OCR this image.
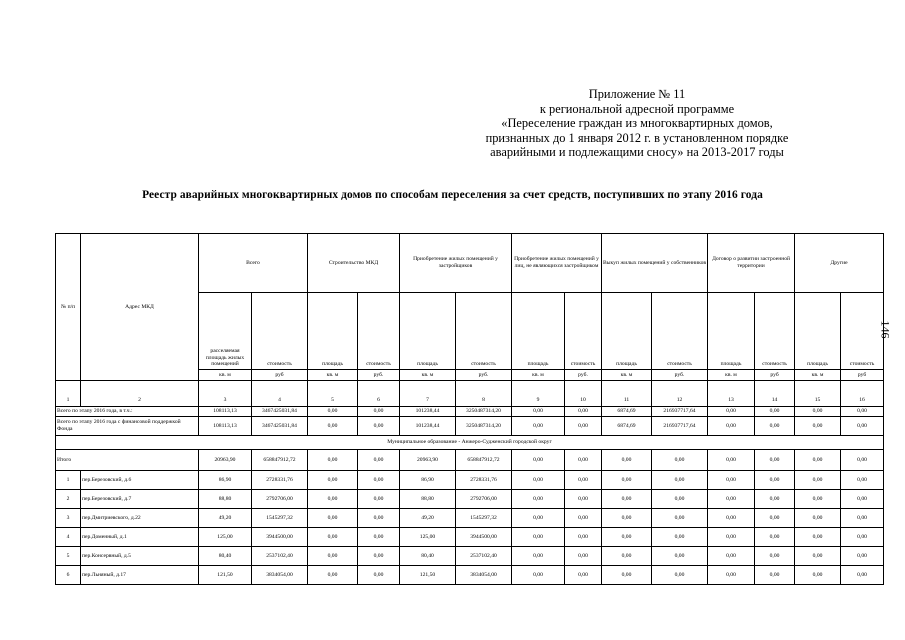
Приложение № 11
к региональной адресной программе
«Переселение граждан из многоквартирных домов,
признанных до 1 января 2012 г. в установленном порядке
аварийными и подлежащими сносу» на 2013-2017 годы
Реестр аварийных многоквартирных домов по способам переселения за счет средств, поступивших по этапу 2016 года
146
№ п/п	Адрес МКД	Всего		Строительство МКД		Приобретение жилых помещений у застройщиков		Приобретение жилых помещений у лиц, не являющихся застройщиком		Выкуп жилых помещений у собственников		Договор о развитии застроенной территории		Другие	
		расселяемая площадь жилых помещений	стоимость	площадь	стоимость	площадь	стоимость	площадь	стоимость	площадь	стоимость	площадь	стоимость	площадь	стоимость
		кв. м	руб	кв. м	руб.	кв. м	руб.	кв. м	руб.	кв. м	руб.	кв. м	руб	кв. м	руб
1	2	3	4	5	6	7	8	9	10	11	12	13	14	15	16
Всего по этапу 2016 года, в т.ч.:		108113,13	3467425031,84	0,00	0,00	101238,44	3250487314,20	0,00	0,00	6874,69	216937717,64	0,00	0,00	0,00	0,00
Всего по этапу 2016 года с финансовой поддержкой Фонда		108113,13	3467425031,84	0,00	0,00	101238,44	3250487314,20	0,00	0,00	6874,69	216937717,64	0,00	0,00	0,00	0,00
Муниципальное образование - Анжеро-Судженский городской округ															
Итого		20963,90	658847912,72	0,00	0,00	20963,90	658847912,72	0,00	0,00	0,00	0,00	0,00	0,00	0,00	0,00
1	пер.Березовский, д.6	86,90	2728331,76	0,00	0,00	86,90	2728331,76	0,00	0,00	0,00	0,00	0,00	0,00	0,00	0,00
2	пер.Березовский, д.7	88,80	2792706,00	0,00	0,00	88,80	2792706,00	0,00	0,00	0,00	0,00	0,00	0,00	0,00	0,00
3	пер.Дмитриевского, д.22	49,20	1545297,32	0,00	0,00	49,20	1545297,32	0,00	0,00	0,00	0,00	0,00	0,00	0,00	0,00
4	пер.Доменный, д.1	125,00	3944500,00	0,00	0,00	125,00	3944500,00	0,00	0,00	0,00	0,00	0,00	0,00	0,00	0,00
5	пер.Консервный, д.5	80,40	2537102,40	0,00	0,00	80,40	2537102,40	0,00	0,00	0,00	0,00	0,00	0,00	0,00	0,00
6	пер.Льняный, д.17	121,50	3834054,00	0,00	0,00	121,50	3834054,00	0,00	0,00	0,00	0,00	0,00	0,00	0,00	0,00
